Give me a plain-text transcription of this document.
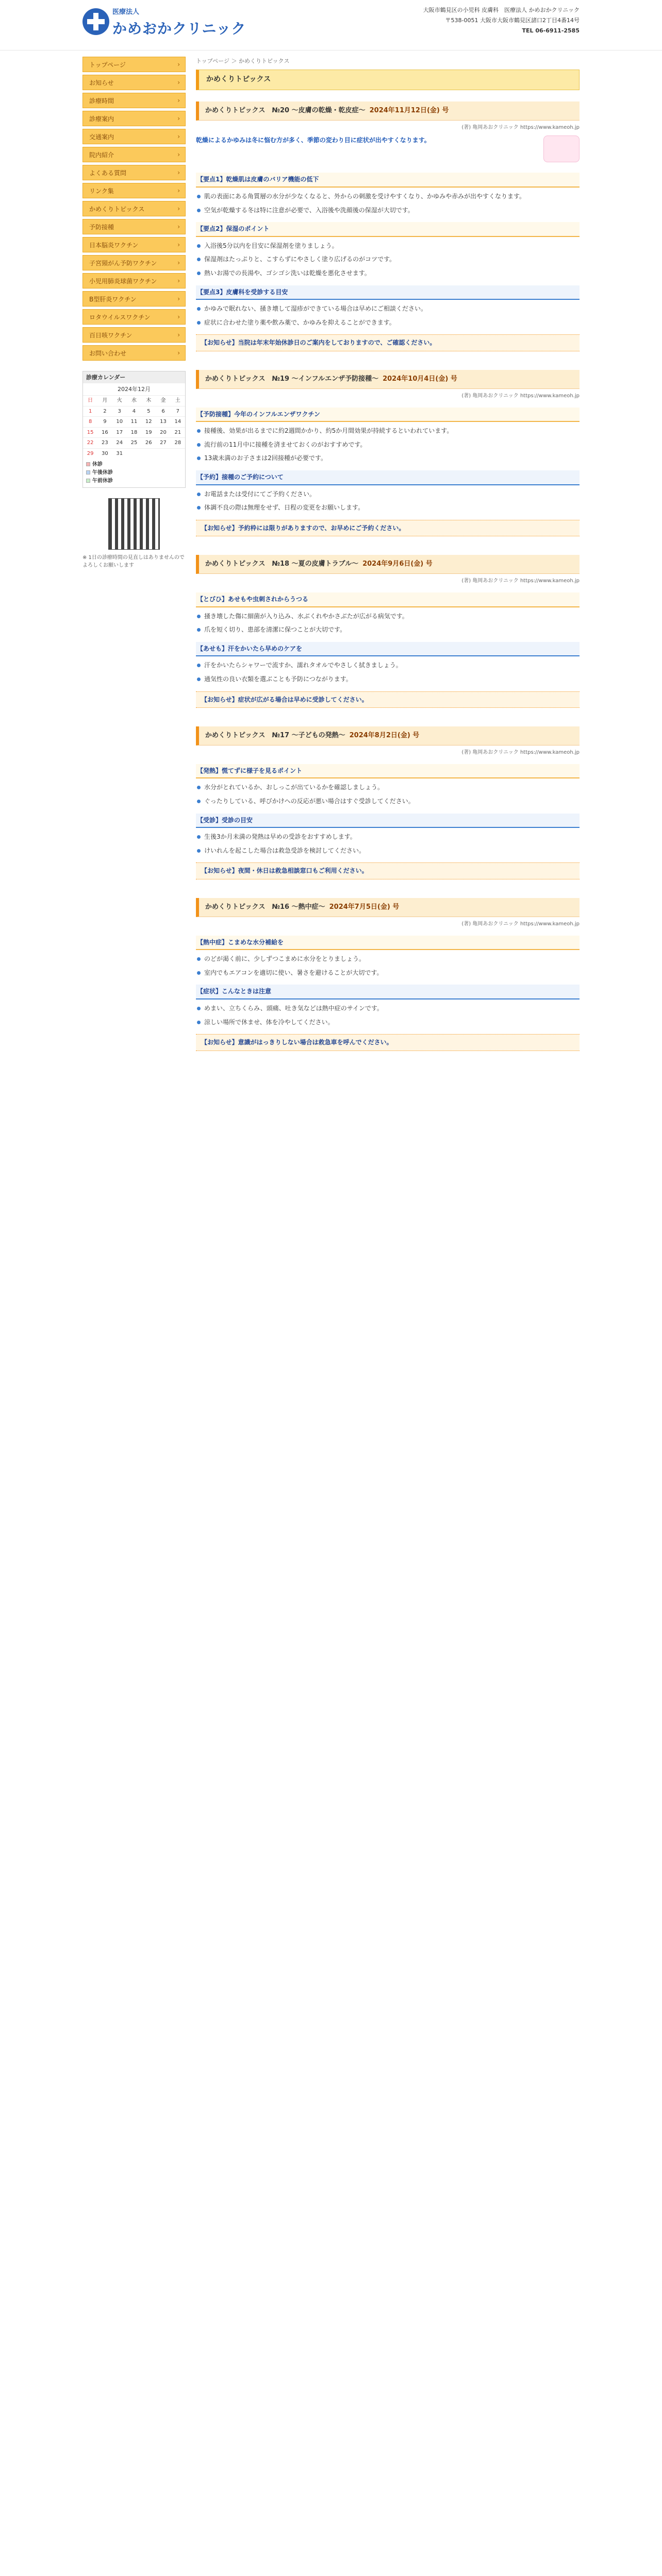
医療法人
かめおかクリニック
大阪市鶴見区の小児科 皮膚科　医療法人 かめおかクリニック
〒538-0051 大阪市大阪市鶴見区諸口2丁目4番14号
TEL 06-6911-2585
› トップページ
› お知らせ
› 診療時間
› 診療案内
› 交通案内
› 院内紹介
› よくある質問
› リンク集
› かめくりトピックス
› 予防接種
› 日本脳炎ワクチン
› 子宮頸がん予防ワクチン
› 小児用肺炎球菌ワクチン
› B型肝炎ワクチン
› ロタウイルスワクチン
› 百日咳ワクチン
› お問い合わせ
診療カレンダー
2024年12月
日	月	火	水	木	金	土
1	2	3	4	5	6	7
8	9	10	11	12	13	14
15	16	17	18	19	20	21
22	23	24	25	26	27	28
29	30	31				
休診
午後休診
午前休診
※ 1日の診療時間の見直しはありませんのでよろしくお願いします
トップページ ＞ かめくりトピックス
かめくりトピックス
かめくりトピックス　№20 ～皮膚の乾燥・乾皮症～ 2024年11月12日(金) 号
(著) 亀岡あおクリニック https://www.kameoh.jp
乾燥によるかゆみは冬に悩む方が多く、季節の変わり目に症状が出やすくなります。
【要点1】乾燥肌は皮膚のバリア機能の低下
肌の表面にある角質層の水分が少なくなると、外からの刺激を受けやすくなり、かゆみや赤みが出やすくなります。
空気が乾燥する冬は特に注意が必要で、入浴後や洗顔後の保湿が大切です。
【要点2】保湿のポイント
入浴後5分以内を目安に保湿剤を塗りましょう。
保湿剤はたっぷりと、こすらずにやさしく塗り広げるのがコツです。
熱いお湯での長湯や、ゴシゴシ洗いは乾燥を悪化させます。
【要点3】皮膚科を受診する目安
かゆみで眠れない、掻き壊して湿疹ができている場合は早めにご相談ください。
症状に合わせた塗り薬や飲み薬で、かゆみを抑えることができます。
【お知らせ】当院は年末年始休診日のご案内をしておりますので、ご確認ください。
かめくりトピックス　№19 ～インフルエンザ予防接種～ 2024年10月4日(金) 号
(著) 亀岡あおクリニック https://www.kameoh.jp
【予防接種】今年のインフルエンザワクチン
接種後、効果が出るまでに約2週間かかり、約5か月間効果が持続するといわれています。
流行前の11月中に接種を済ませておくのがおすすめです。
13歳未満のお子さまは2回接種が必要です。
【予約】接種のご予約について
お電話または受付にてご予約ください。
体調不良の際は無理をせず、日程の変更をお願いします。
【お知らせ】予約枠には限りがありますので、お早めにご予約ください。
かめくりトピックス　№18 ～夏の皮膚トラブル～ 2024年9月6日(金) 号
(著) 亀岡あおクリニック https://www.kameoh.jp
【とびひ】あせもや虫刺されからうつる
掻き壊した傷に細菌が入り込み、水ぶくれやかさぶたが広がる病気です。
爪を短く切り、患部を清潔に保つことが大切です。
【あせも】汗をかいたら早めのケアを
汗をかいたらシャワーで流すか、濡れタオルでやさしく拭きましょう。
通気性の良い衣類を選ぶことも予防につながります。
【お知らせ】症状が広がる場合は早めに受診してください。
かめくりトピックス　№17 ～子どもの発熱～ 2024年8月2日(金) 号
(著) 亀岡あおクリニック https://www.kameoh.jp
【発熱】慌てずに様子を見るポイント
水分がとれているか、おしっこが出ているかを確認しましょう。
ぐったりしている、呼びかけへの反応が悪い場合はすぐ受診してください。
【受診】受診の目安
生後3か月未満の発熱は早めの受診をおすすめします。
けいれんを起こした場合は救急受診を検討してください。
【お知らせ】夜間・休日は救急相談窓口もご利用ください。
かめくりトピックス　№16 ～熱中症～ 2024年7月5日(金) 号
(著) 亀岡あおクリニック https://www.kameoh.jp
【熱中症】こまめな水分補給を
のどが渇く前に、少しずつこまめに水分をとりましょう。
室内でもエアコンを適切に使い、暑さを避けることが大切です。
【症状】こんなときは注意
めまい、立ちくらみ、頭痛、吐き気などは熱中症のサインです。
涼しい場所で休ませ、体を冷やしてください。
【お知らせ】意識がはっきりしない場合は救急車を呼んでください。
